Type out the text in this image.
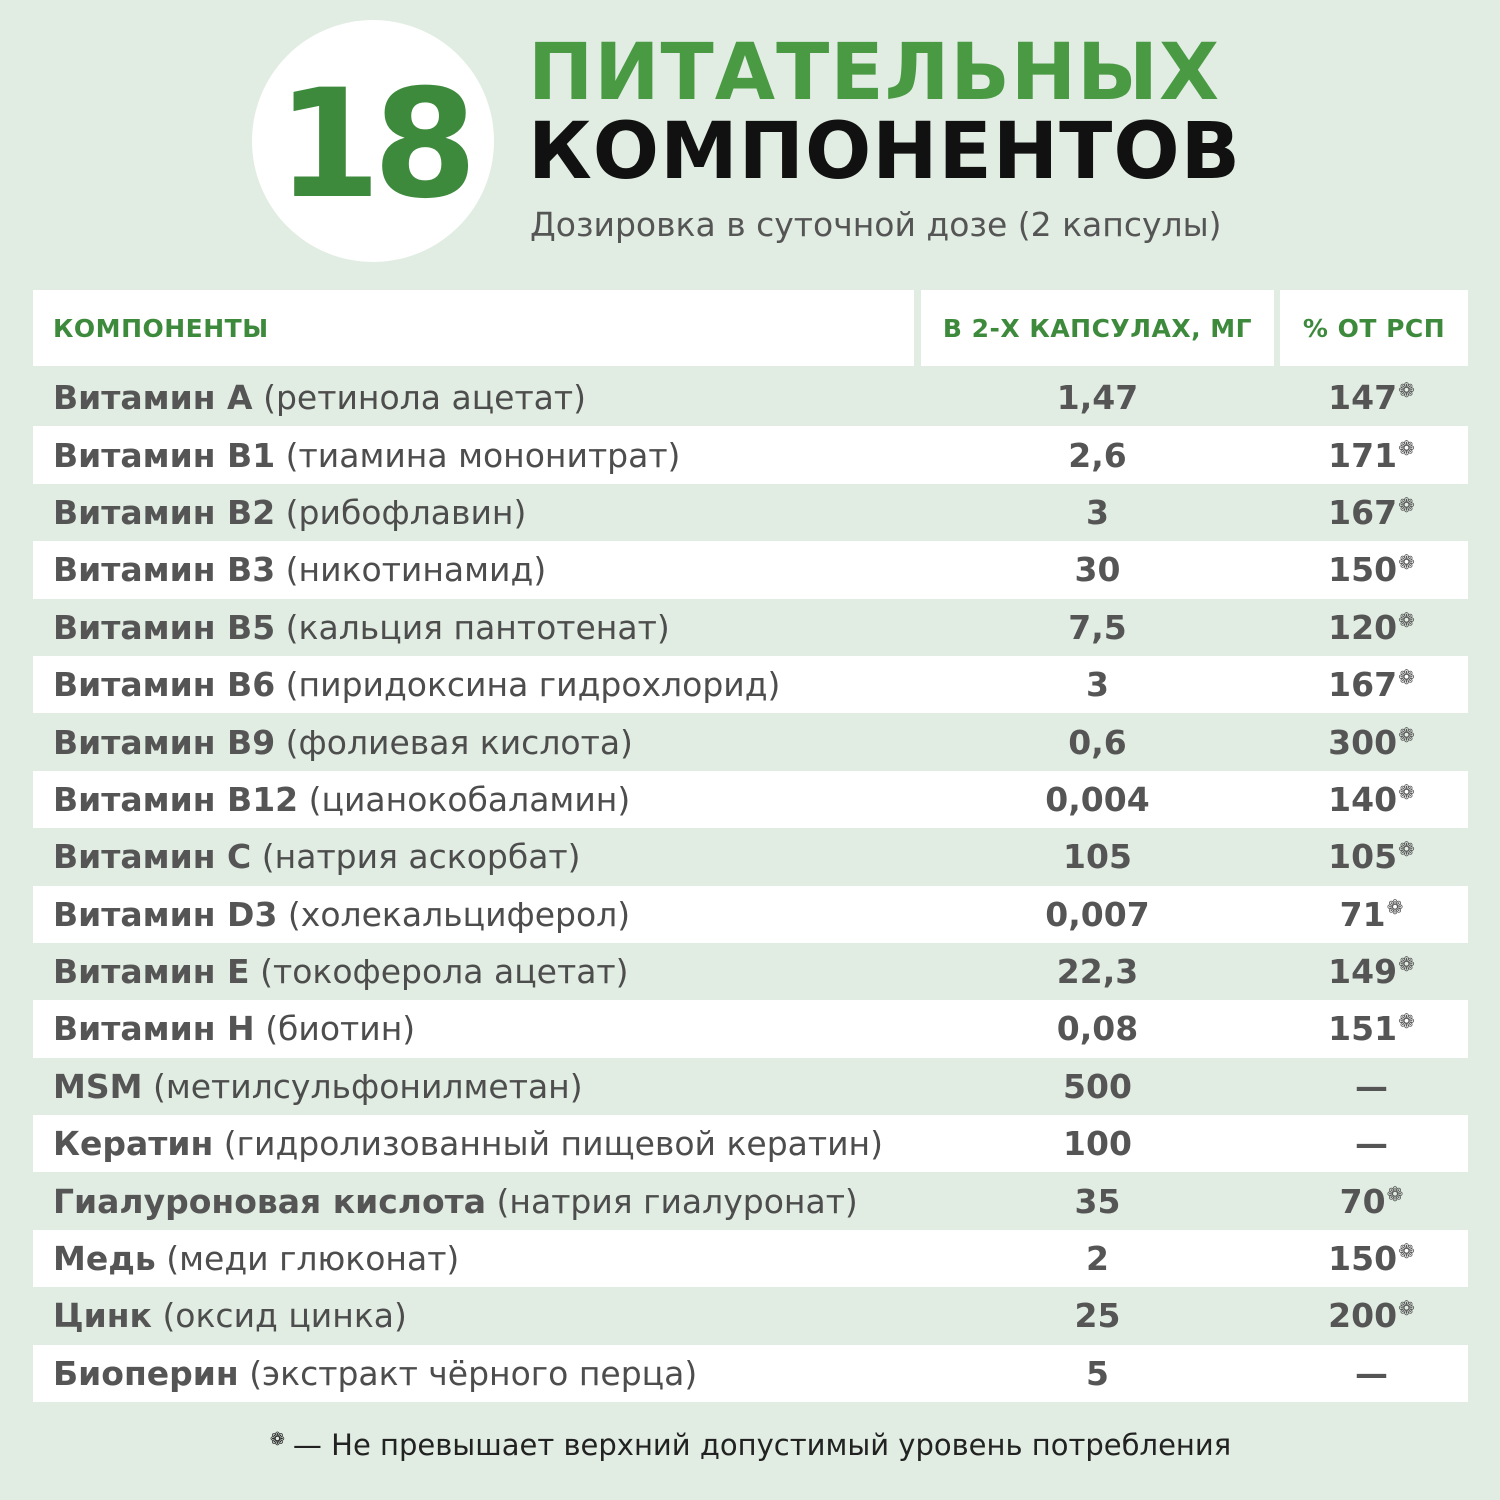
18 ПИТАТЕЛЬНЫХ
КОМПОНЕНТОВ
Дозировка в суточной дозе (2 капсулы)
КОМПОНЕНТЫ	В 2-Х КАПСУЛАХ, МГ	% ОТ РСП
Витамин А (ретинола ацетат)	1,47	147❁
Витамин В1 (тиамина мононитрат)	2,6	171❁
Витамин В2 (рибофлавин)	3	167❁
Витамин В3 (никотинамид)	30	150❁
Витамин В5 (кальция пантотенат)	7,5	120❁
Витамин В6 (пиридоксина гидрохлорид)	3	167❁
Витамин В9 (фолиевая кислота)	0,6	300❁
Витамин В12 (цианокобаламин)	0,004	140❁
Витамин С (натрия аскорбат)	105	105❁
Витамин D3 (холекальциферол)	0,007	71❁
Витамин Е (токоферола ацетат)	22,3	149❁
Витамин Н (биотин)	0,08	151❁
MSM (метилсульфонилметан)	500	—
Кератин (гидролизованный пищевой кератин)	100	—
Гиалуроновая кислота (натрия гиалуронат)	35	70❁
Медь (меди глюконат)	2	150❁
Цинк (оксид цинка)	25	200❁
Биоперин (экстракт чёрного перца)	5	—
❁ — Не превышает верхний допустимый уровень потребления
